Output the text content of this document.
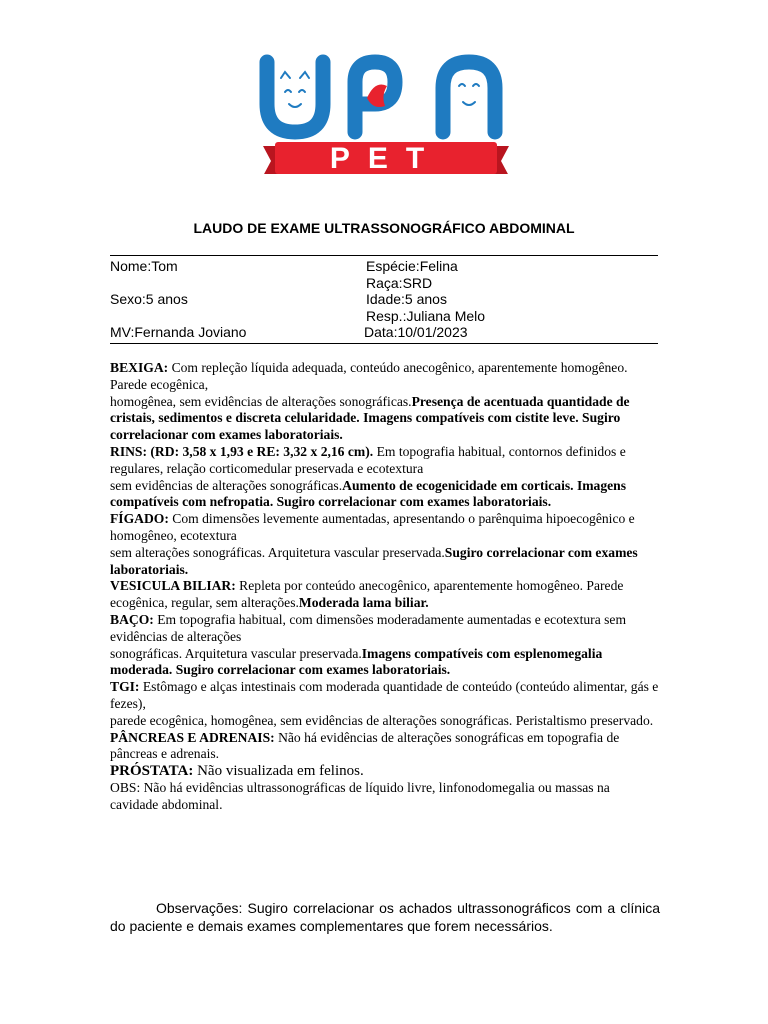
PET
LAUDO DE EXAME ULTRASSONOGRÁFICO ABDOMINAL
Nome:Tom	Espécie:Felina
Raça:SRD
Sexo:5 anos	Idade:5 anos
Resp.:Juliana Melo
MV:Fernanda Joviano	Data:10/01/2023

BEXIGA: Com repleção líquida adequada, conteúdo anecogênico, aparentemente homogêneo. Parede ecogênica,

homogênea, sem evidências de alterações sonográficas.Presença de acentuada quantidade de cristais, sedimentos e discreta celularidade. Imagens compatíveis com cistite leve. Sugiro correlacionar com exames laboratoriais.

RINS: (RD: 3,58 x 1,93 e RE: 3,32 x 2,16 cm). Em topografia habitual, contornos definidos e regulares, relação corticomedular preservada e ecotextura

sem evidências de alterações sonográficas.Aumento de ecogenicidade em corticais. Imagens compatíveis com nefropatia. Sugiro correlacionar com exames laboratoriais.

FÍGADO: Com dimensões levemente aumentadas, apresentando o parênquima hipoecogênico e homogêneo, ecotextura

sem alterações sonográficas. Arquitetura vascular preservada.Sugiro correlacionar com exames laboratoriais.

VESICULA BILIAR: Repleta por conteúdo anecogênico, aparentemente homogêneo. Parede ecogênica, regular, sem alterações.Moderada lama biliar.

BAÇO: Em topografia habitual, com dimensões moderadamente aumentadas e ecotextura sem evidências de alterações

sonográficas. Arquitetura vascular preservada.Imagens compatíveis com esplenomegalia moderada. Sugiro correlacionar com exames laboratoriais.

TGI: Estômago e alças intestinais com moderada quantidade de conteúdo (conteúdo alimentar, gás e fezes),

parede ecogênica, homogênea, sem evidências de alterações sonográficas. Peristaltismo preservado.

PÂNCREAS E ADRENAIS: Não há evidências de alterações sonográficas em topografia de pâncreas e adrenais.

PRÓSTATA: Não visualizada em felinos.

OBS: Não há evidências ultrassonográficas de líquido livre, linfonodomegalia ou massas na cavidade abdominal.

Observações: Sugiro correlacionar os achados ultrassonográficos com a clínica do paciente e demais exames complementares que forem necessários.
